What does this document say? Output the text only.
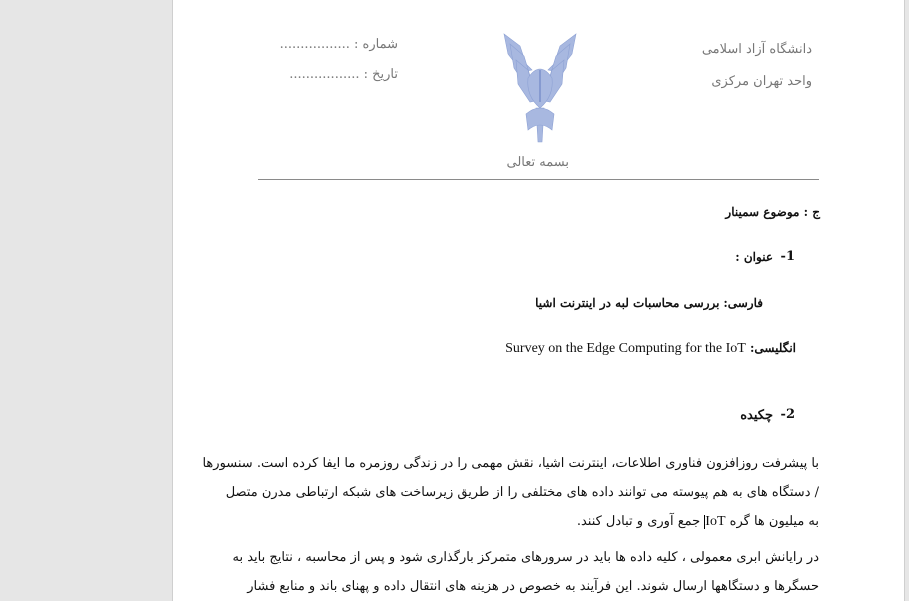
دانشگاه آزاد اسلامی
واحد تهران مرکزی
شماره : .................
تاریخ : .................
بسمه تعالی
ج : موضوع سمینار
1-
عنوان :
فارسی: بررسی محاسبات لبه در اینترنت اشیا
انگلیسی: Survey on the Edge Computing for the IoT
2-
چکیده
با پیشرفت روزافزون فناوری اطلاعات، اینترنت اشیا، نقش مهمی را در زندگی روزمره ما ایفا کرده است. سنسورها
/ دستگاه های به هم پیوسته می توانند داده های مختلفی را از طریق زیرساخت های شبکه ارتباطی مدرن متصل
به میلیون ها گره IoT جمع آوری و تبادل کنند.
در رایانش ابری معمولی ، کلیه داده ها باید در سرورهای متمرکز بارگذاری شود و پس از محاسبه ، نتایج باید به
حسگرها و دستگاهها ارسال شوند. این فرآیند به خصوص در هزینه های انتقال داده و پهنای باند و منابع فشار
